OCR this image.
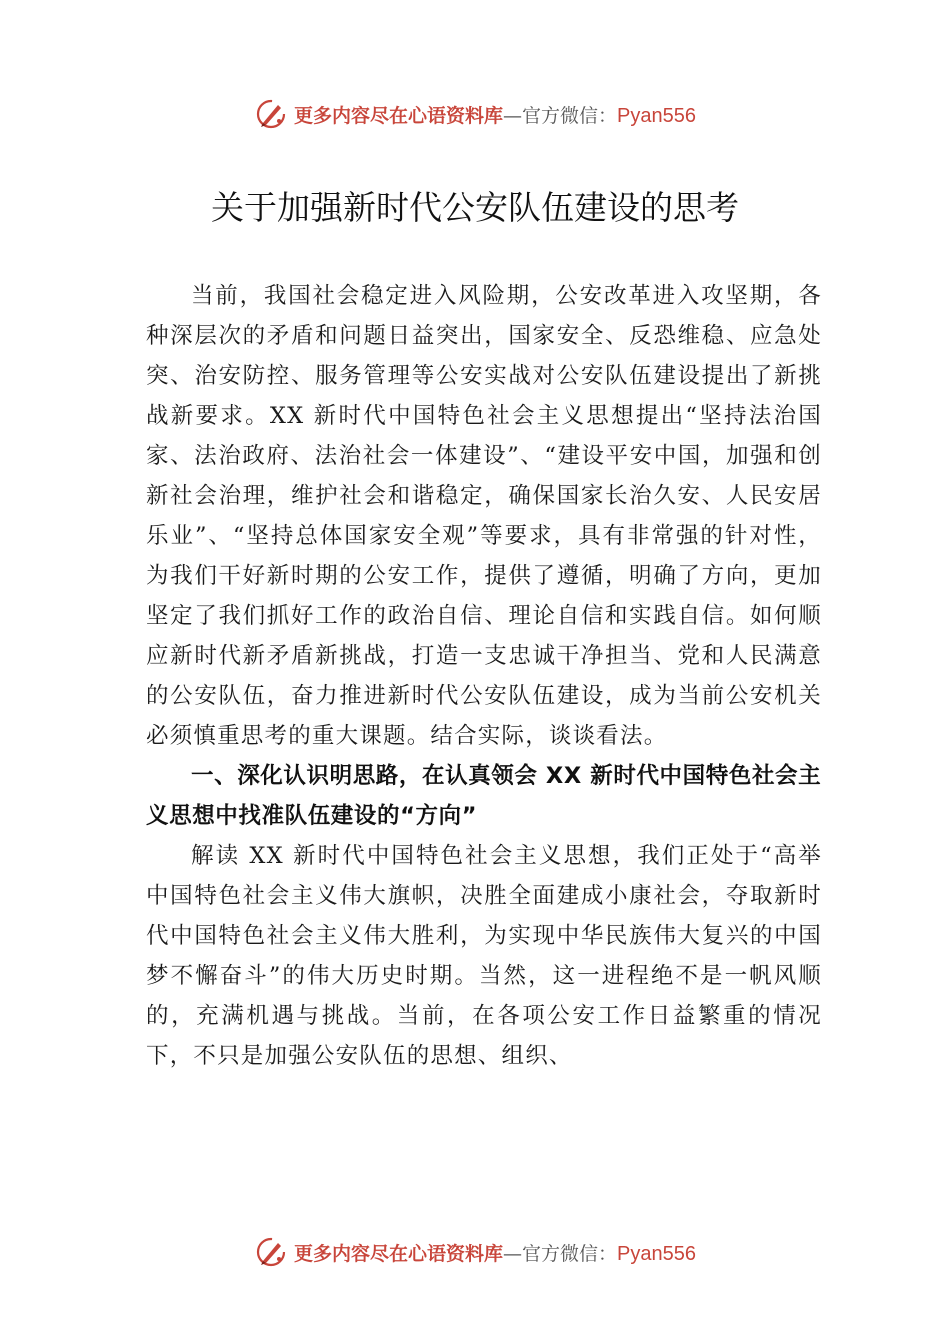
更多内容尽在心语资料库 — 官方微信： Pyan556
关于加强新时代公安队伍建设的思考

当前，我国社会稳定进入风险期，公安改革进入攻坚期，各种深层次的矛盾和问题日益突出，国家安全、反恐维稳、应急处突、治安防控、服务管理等公安实战对公安队伍建设提出了新挑战新要求。XX 新时代中国特色社会主义思想提出“坚持法治国家、法治政府、法治社会一体建设”、“建设平安中国，加强和创新社会治理，维护社会和谐稳定，确保国家长治久安、人民安居乐业”、“坚持总体国家安全观”等要求，具有非常强的针对性，为我们干好新时期的公安工作，提供了遵循，明确了方向，更加坚定了我们抓好工作的政治自信、理论自信和实践自信。如何顺应新时代新矛盾新挑战，打造一支忠诚干净担当、党和人民满意的公安队伍，奋力推进新时代公安队伍建设，成为当前公安机关必须慎重思考的重大课题。结合实际，谈谈看法。

一、深化认识明思路，在认真领会 XX 新时代中国特色社会主义思想中找准队伍建设的“方向”

解读 XX 新时代中国特色社会主义思想，我们正处于“高举中国特色社会主义伟大旗帜，决胜全面建成小康社会，夺取新时代中国特色社会主义伟大胜利，为实现中华民族伟大复兴的中国梦不懈奋斗”的伟大历史时期。当然，这一进程绝不是一帆风顺的，充满机遇与挑战。当前，在各项公安工作日益繁重的情况下，不只是加强公安队伍的思想、组织、

更多内容尽在心语资料库 — 官方微信： Pyan556
